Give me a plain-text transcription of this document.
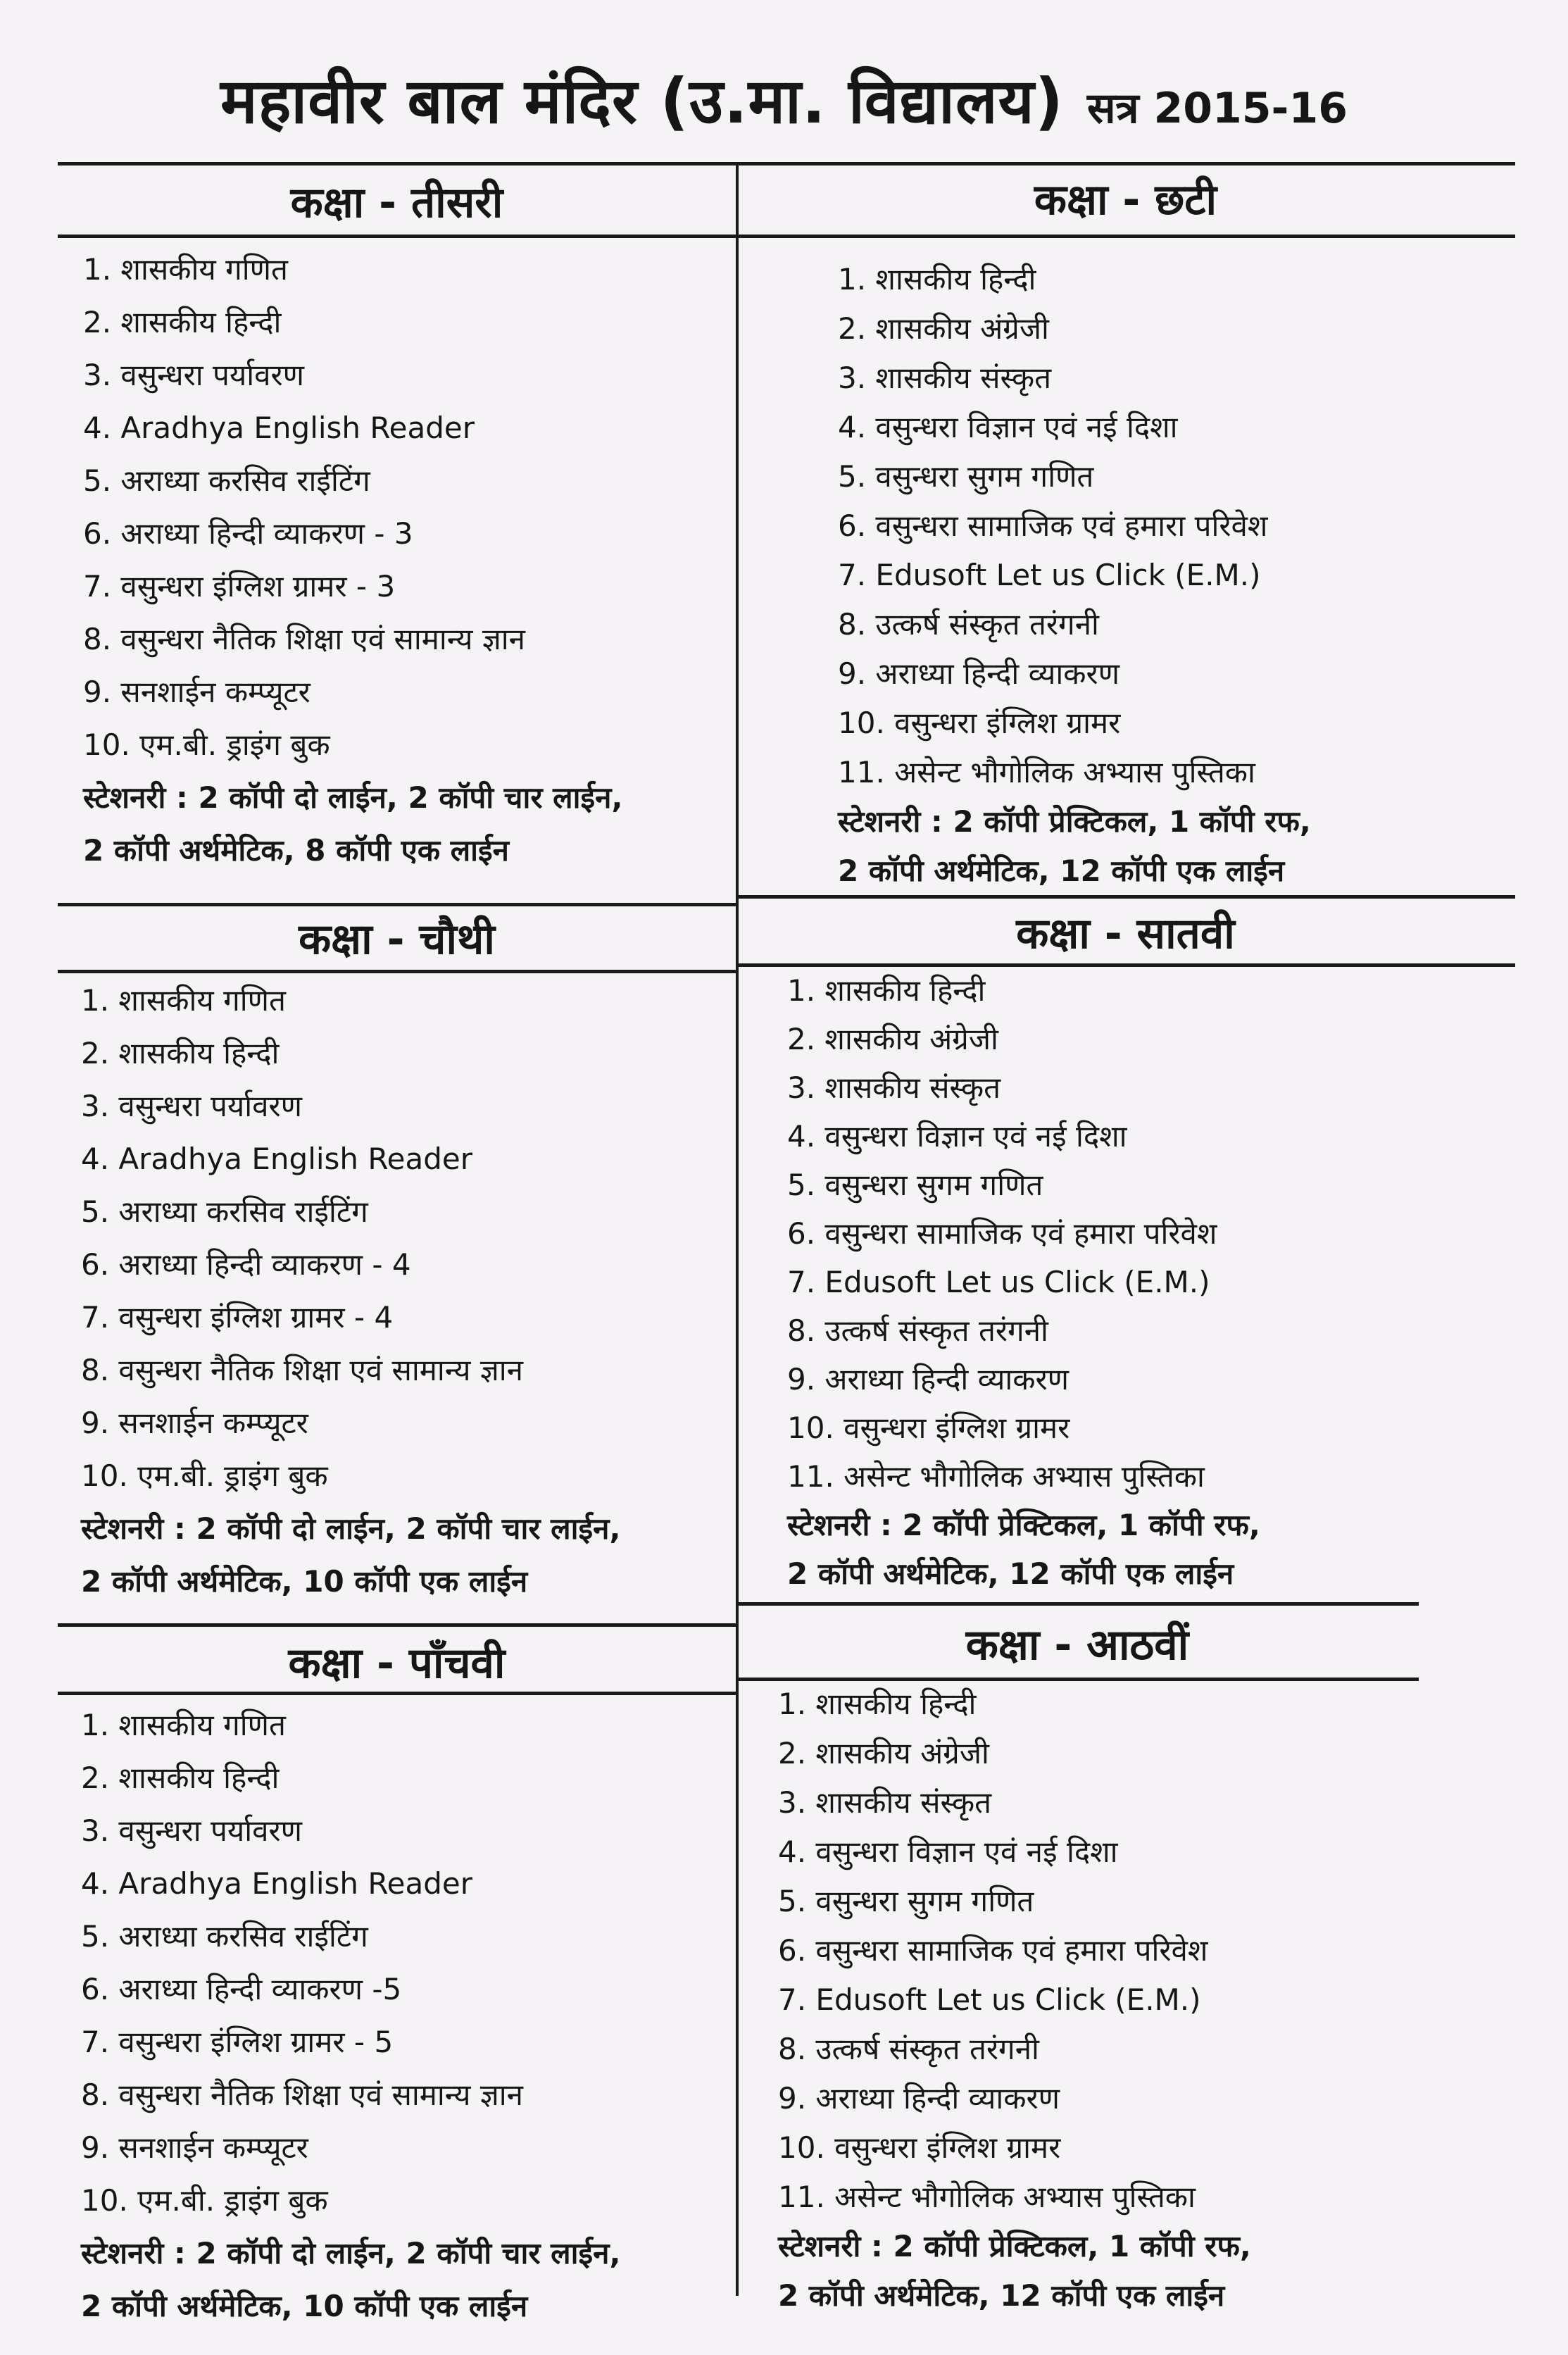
महावीर बाल मंदिर (उ.मा. विद्यालय) सत्र 2015-16
कक्षा - तीसरी
1. शासकीय गणित
2. शासकीय हिन्दी
3. वसुन्धरा पर्यावरण
4. Aradhya English Reader
5. अराध्या करसिव राईटिंग
6. अराध्या हिन्दी व्याकरण - 3
7. वसुन्धरा इंग्लिश ग्रामर - 3
8. वसुन्धरा नैतिक शिक्षा एवं सामान्य ज्ञान
9. सनशाईन कम्प्यूटर
10. एम.बी. ड्राइंग बुक
स्टेशनरी : 2 कॉपी दो लाईन, 2 कॉपी चार लाईन,
2 कॉपी अर्थमेटिक, 8 कॉपी एक लाईन
कक्षा - चौथी
1. शासकीय गणित
2. शासकीय हिन्दी
3. वसुन्धरा पर्यावरण
4. Aradhya English Reader
5. अराध्या करसिव राईटिंग
6. अराध्या हिन्दी व्याकरण - 4
7. वसुन्धरा इंग्लिश ग्रामर - 4
8. वसुन्धरा नैतिक शिक्षा एवं सामान्य ज्ञान
9. सनशाईन कम्प्यूटर
10. एम.बी. ड्राइंग बुक
स्टेशनरी : 2 कॉपी दो लाईन, 2 कॉपी चार लाईन,
2 कॉपी अर्थमेटिक, 10 कॉपी एक लाईन
कक्षा - पाँचवी
1. शासकीय गणित
2. शासकीय हिन्दी
3. वसुन्धरा पर्यावरण
4. Aradhya English Reader
5. अराध्या करसिव राईटिंग
6. अराध्या हिन्दी व्याकरण -5
7. वसुन्धरा इंग्लिश ग्रामर - 5
8. वसुन्धरा नैतिक शिक्षा एवं सामान्य ज्ञान
9. सनशाईन कम्प्यूटर
10. एम.बी. ड्राइंग बुक
स्टेशनरी : 2 कॉपी दो लाईन, 2 कॉपी चार लाईन,
2 कॉपी अर्थमेटिक, 10 कॉपी एक लाईन
कक्षा - छटी
1. शासकीय हिन्दी
2. शासकीय अंग्रेजी
3. शासकीय संस्कृत
4. वसुन्धरा विज्ञान एवं नई दिशा
5. वसुन्धरा सुगम गणित
6. वसुन्धरा सामाजिक एवं हमारा परिवेश
7. Edusoft Let us Click (E.M.)
8. उत्कर्ष संस्कृत तरंगनी
9. अराध्या हिन्दी व्याकरण
10. वसुन्धरा इंग्लिश ग्रामर
11. असेन्ट भौगोलिक अभ्यास पुस्तिका
स्टेशनरी : 2 कॉपी प्रेक्टिकल, 1 कॉपी रफ,
2 कॉपी अर्थमेटिक, 12 कॉपी एक लाईन
कक्षा - सातवी
1. शासकीय हिन्दी
2. शासकीय अंग्रेजी
3. शासकीय संस्कृत
4. वसुन्धरा विज्ञान एवं नई दिशा
5. वसुन्धरा सुगम गणित
6. वसुन्धरा सामाजिक एवं हमारा परिवेश
7. Edusoft Let us Click (E.M.)
8. उत्कर्ष संस्कृत तरंगनी
9. अराध्या हिन्दी व्याकरण
10. वसुन्धरा इंग्लिश ग्रामर
11. असेन्ट भौगोलिक अभ्यास पुस्तिका
स्टेशनरी : 2 कॉपी प्रेक्टिकल, 1 कॉपी रफ,
2 कॉपी अर्थमेटिक, 12 कॉपी एक लाईन
कक्षा - आठवीं
1. शासकीय हिन्दी
2. शासकीय अंग्रेजी
3. शासकीय संस्कृत
4. वसुन्धरा विज्ञान एवं नई दिशा
5. वसुन्धरा सुगम गणित
6. वसुन्धरा सामाजिक एवं हमारा परिवेश
7. Edusoft Let us Click (E.M.)
8. उत्कर्ष संस्कृत तरंगनी
9. अराध्या हिन्दी व्याकरण
10. वसुन्धरा इंग्लिश ग्रामर
11. असेन्ट भौगोलिक अभ्यास पुस्तिका
स्टेशनरी : 2 कॉपी प्रेक्टिकल, 1 कॉपी रफ,
2 कॉपी अर्थमेटिक, 12 कॉपी एक लाईन
